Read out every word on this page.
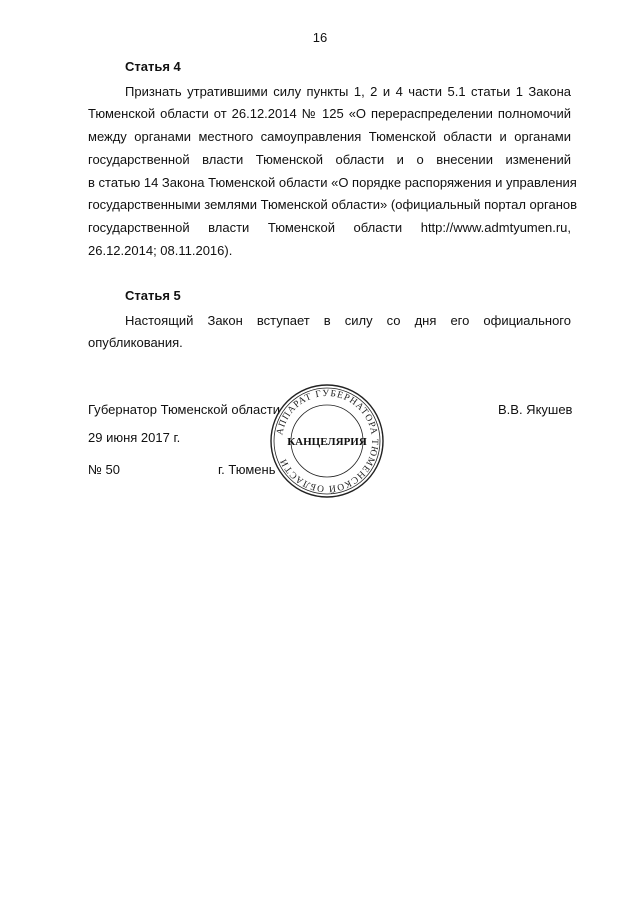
16
Статья 4
Признать утратившими силу пункты 1, 2 и 4 части 5.1 статьи 1 Закона
Тюменской области от 26.12.2014 № 125 «О перераспределении полномочий
между органами местного самоуправления Тюменской области и органами
государственной власти Тюменской области и о внесении изменений
в статью 14 Закона Тюменской области «О порядке распоряжения и управления
государственными землями Тюменской области» (официальный портал органов
государственной власти Тюменской области http://www.admtyumen.ru,
26.12.2014; 08.11.2016).
Статья 5
Настоящий Закон вступает в силу со дня его официального
опубликования.
Губернатор Тюменской области	В.В. Якушев
29 июня 2017 г.
№ 50	г. Тюмень
АППАРАТ ГУБЕРНАТОРА ТЮМЕНСКОЙ ОБЛАСТИ
КАНЦЕЛЯРИЯ
